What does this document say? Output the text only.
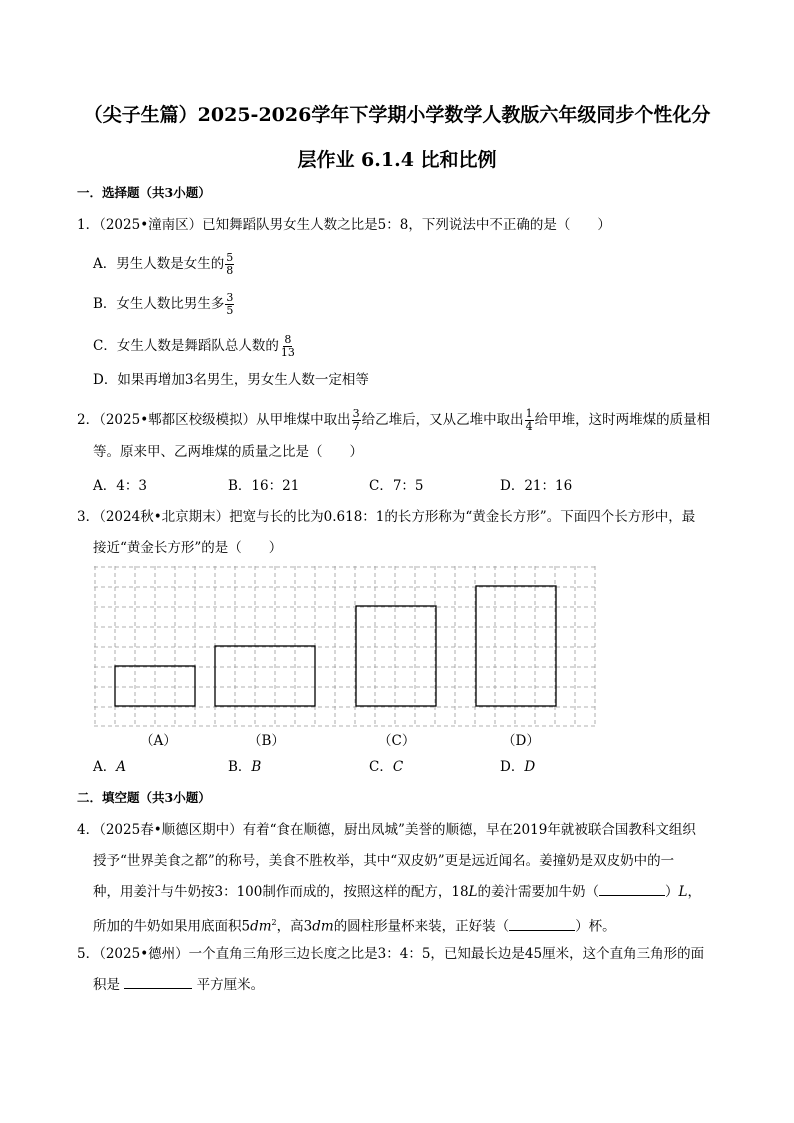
（尖子生篇）2025-2026学年下学期小学数学人教版六年级同步个性化分
层作业 6.1.4 比和比例
一．选择题（共3小题）
1．（2025•潼南区）已知舞蹈队男女生人数之比是5：8，下列说法中不正确的是（　　）
A．男生人数是女生的 $\frac{5}{8}$
B．女生人数比男生多 $\frac{3}{5}$
C．女生人数是舞蹈队总人数的 $\frac{8}{13}$
D．如果再增加3名男生，男女生人数一定相等
2．（2025•郫都区校级模拟）从甲堆煤中取出 $\frac{3}{7}$ 给乙堆后，又从乙堆中取出 $\frac{1}{4}$ 给甲堆，这时两堆煤的质量相
等。原来甲、乙两堆煤的质量之比是（　　）
A．4：3	B．16：21	C．7：5	D．21：16
3．（2024秋•北京期末）把宽与长的比为0.618：1的长方形称为“黄金长方形”。下面四个长方形中，最
接近“黄金长方形”的是（　　）
（A）	（B）	（C）	（D）
A．A	B．B	C．C	D．D
二．填空题（共3小题）
4．（2025春•顺德区期中）有着“食在顺德，厨出凤城”美誉的顺德，早在2019年就被联合国教科文组织
授予“世界美食之都”的称号，美食不胜枚举，其中“双皮奶”更是远近闻名。姜撞奶是双皮奶中的一
种，用姜汁与牛奶按3：100制作而成的，按照这样的配方，18L的姜汁需要加牛奶（	）L，
所加的牛奶如果用底面积$5dm^2$，高3dm的圆柱形量杯来装，正好装（	）杯。
5．（2025•德州）一个直角三角形三边长度之比是3：4：5，已知最长边是45厘米，这个直角三角形的面
积是	平方厘米。
